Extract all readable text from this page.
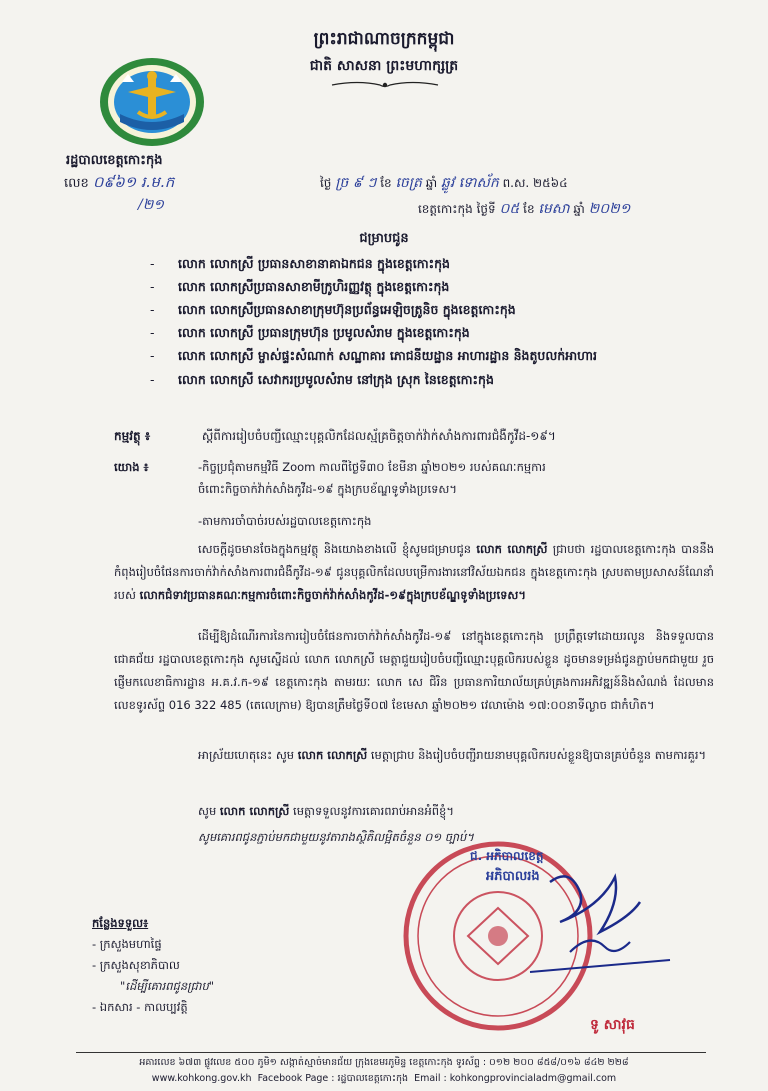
ព្រះរាជាណាចក្រកម្ពុជា
ជាតិ សាសនា ព្រះមហាក្សត្រ
រដ្ឋបាលខេត្តកោះកុង
លេខ ០៩៦១ រ.ម.ក
/២១
ថ្ងៃ ច្រ ៩ ៗ ខែ ចេត្រ ឆ្នាំ ឆ្លូវ ទោស័ក ព.ស. ២៥៦៤
ខេត្តកោះកុង ថ្ងៃទី ០៥ ខែ មេសា ឆ្នាំ ២០២១
ជម្រាបជូន
- លោក លោកស្រី ប្រធានសាខានាគាឯកជន ក្នុងខេត្តកោះកុង
- លោក លោកស្រីប្រធានសាខាមីក្រូហិរញ្ញវត្ថុ ក្នុងខេត្តកោះកុង
- លោក លោកស្រីប្រធានសាខាក្រុមហ៊ុនប្រព័ន្ធអេឡិចត្រូនិច ក្នុងខេត្តកោះកុង
- លោក លោកស្រី ប្រធានក្រុមហ៊ុន ប្រមូលសំរាម ក្នុងខេត្តកោះកុង
- លោក លោកស្រី ម្ចាស់ផ្ទះសំណាក់ សណ្ឋាគារ ភោជនីយដ្ឋាន អាហារដ្ឋាន និងតូបលក់អាហារ
- លោក លោកស្រី សេវាករប្រមូលសំរាម នៅក្រុង ស្រុក នៃខេត្តកោះកុង
កម្មវត្ថុ ៖	ស្តីពីការរៀបចំបញ្ជីឈ្មោះបុគ្គលិកដែលស្ម័គ្រចិត្តចាក់វ៉ាក់សាំងការពារជំងឺកូវីដ-១៩។
យោង ៖	-កិច្ចប្រជុំតាមកម្មវិធី Zoom កាលពីថ្ងៃទី៣០ ខែមីនា ឆ្នាំ២០២១ របស់គណៈកម្មការ
ចំពោះកិច្ចចាក់វ៉ាក់សាំងកូវីដ-១៩ ក្នុងក្របខ័ណ្ឌទូទាំងប្រទេស។
-តាមការចាំបាច់របស់រដ្ឋបាលខេត្តកោះកុង

សេចក្តីដូចមានចែងក្នុងកម្មវត្ថុ និងយោងខាងលើ ខ្ញុំសូមជម្រាបជូន លោក លោកស្រី ជ្រាបថា រដ្ឋបាលខេត្តកោះកុង បាននឹងកំពុងរៀបចំផែនការចាក់វ៉ាក់សាំងការពារជំងឺកូវីដ-១៩ ជូនបុគ្គលិកដែលបម្រើការងារនៅវិស័យឯកជន ក្នុងខេត្តកោះកុង ស្របតាមប្រសាសន៍ណែនាំរបស់ លោកជំទាវប្រធានគណៈកម្មការចំពោះកិច្ចចាក់វ៉ាក់សាំងកូវីដ-១៩ក្នុងក្របខ័ណ្ឌទូទាំងប្រទេស។

ដើម្បីឱ្យដំណើរការនៃការរៀបចំផែនការចាក់វ៉ាក់សាំងកូវីដ-១៩ នៅក្នុងខេត្តកោះកុង ប្រព្រឹត្តទៅដោយរលូន និងទទួលបានជោគជ័យ រដ្ឋបាលខេត្តកោះកុង សូមស្នើដល់ លោក លោកស្រី មេត្តាជួយរៀបចំបញ្ជីឈ្មោះបុគ្គលិករបស់ខ្លួន ដូចមានទម្រង់ជូនភ្ជាប់មកជាមួយ រួចផ្ញើមកលេខាធិការដ្ឋាន អ.គ.វ.ក-១៩ ខេត្តកោះកុង តាមរយៈ លោក សេ ជិរិន ប្រធានការិយាល័យគ្រប់គ្រងការអភិវឌ្ឍន៍និងសំណង់ ដែលមានលេខទូរស័ព្ទ 016 322 485 (តេលេក្រាម) ឱ្យបានត្រឹមថ្ងៃទី០៧ ខែមេសា ឆ្នាំ២០២១ វេលាម៉ោង ១៧:០០នាទីល្ងាច ជាកំហិត។

អាស្រ័យហេតុនេះ សូម លោក លោកស្រី មេត្តាជ្រាប និងរៀបចំបញ្ជីរាយនាមបុគ្គលិករបស់ខ្លួនឱ្យបានគ្រប់ចំនួន តាមការគួរ។

សូម លោក លោកស្រី មេត្តាទទួលនូវការគោរពរាប់អានអំពីខ្ញុំ។

សូមគោរពជូនភ្ជាប់មកជាមួយនូវតារាងស្ថិតិលម្អិតចំនួន ០១ ច្បាប់។

ជ. អភិបាលខេត្ត
អភិបាលរង
ទូ សាវុធ
កន្លែងទទួល៖
- ក្រសួងមហាផ្ទៃ
- ក្រសួងសុខាភិបាល
"ដើម្បីគោរពជូនជ្រាប"
- ឯកសារ - កាលប្បវត្តិ
អគារលេខ ៦៧៣ ផ្លូវលេខ ៥០០ ភូមិ១ សង្កាត់ស្មាច់មានជ័យ ក្រុងខេមរភូមិន្ទ ខេត្តកោះកុង ទូរស័ព្ទ : ០១២ ២០០ ៨៥៨/០១៦ ៨៤២ ២២៨
www.kohkong.gov.kh Facebook Page : រដ្ឋបាលខេត្តកោះកុង Email : kohkongprovincialadm@gmail.com
